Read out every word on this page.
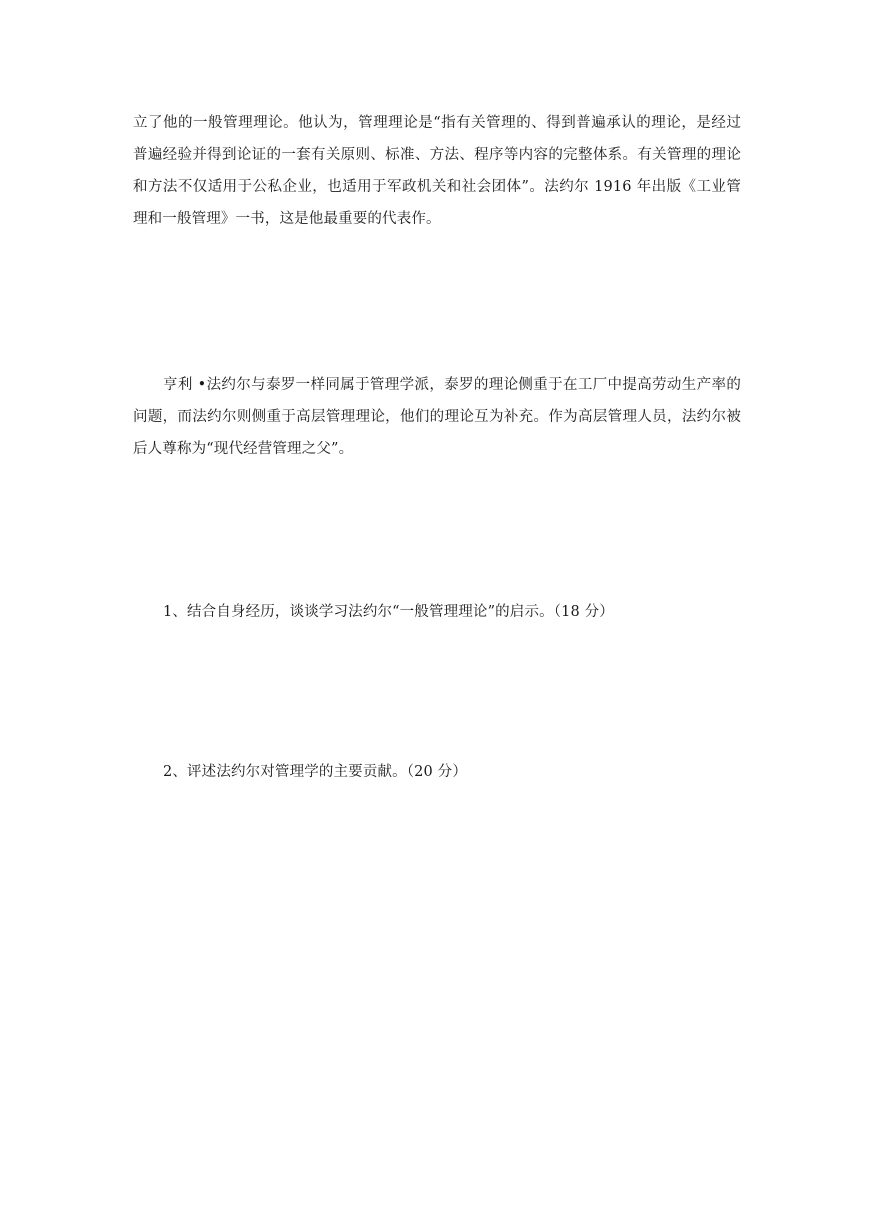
立了他的一般管理理论。他认为，管理理论是“指有关管理的、得到普遍承认的理论，是经过普遍经验并得到论证的一套有关原则、标准、方法、程序等内容的完整体系。有关管理的理论和方法不仅适用于公私企业，也适用于军政机关和社会团体”。法约尔 1916 年出版《工业管理和一般管理》一书，这是他最重要的代表作。

亨利 •法约尔与泰罗一样同属于管理学派，泰罗的理论侧重于在工厂中提高劳动生产率的问题，而法约尔则侧重于高层管理理论，他们的理论互为补充。作为高层管理人员，法约尔被后人尊称为“现代经营管理之父”。

1、结合自身经历，谈谈学习法约尔“一般管理理论”的启示。（18 分）

2、评述法约尔对管理学的主要贡献。（20 分）
